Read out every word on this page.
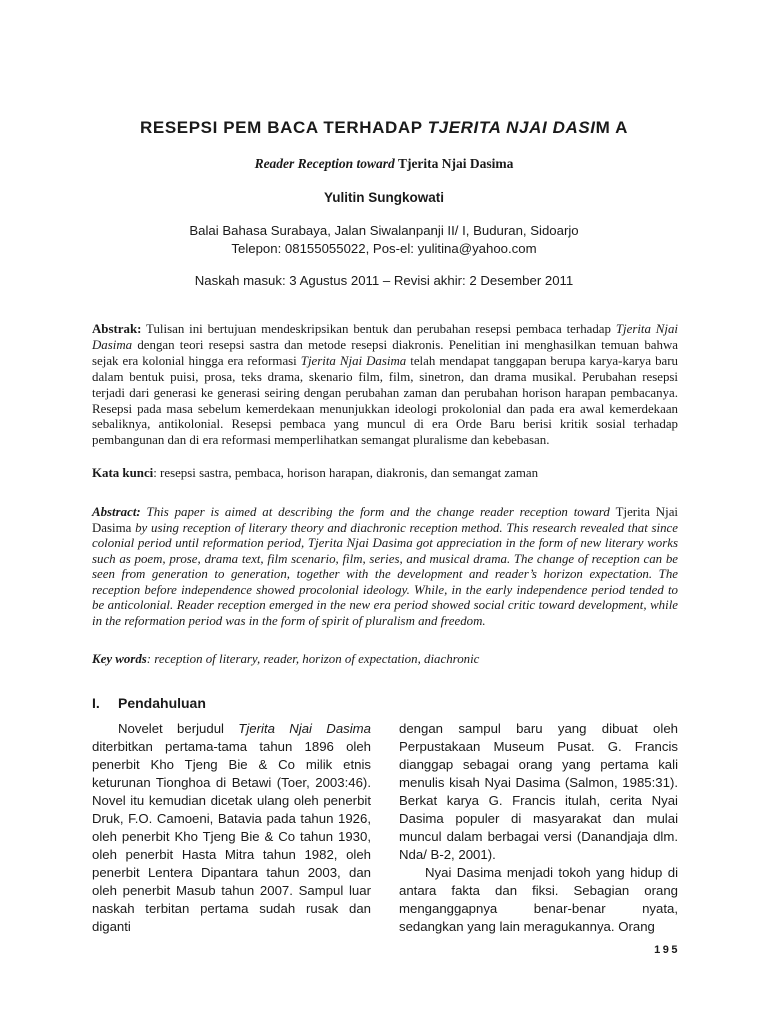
RESEPSI PEM BACA TERHADAP TJERITA NJAI DASIM A
Reader Reception toward Tjerita Njai Dasima
Yulitin Sungkowati
Balai Bahasa Surabaya, Jalan Siwalanpanji II/ I, Buduran, Sidoarjo
Telepon: 08155055022, Pos-el: yulitina@yahoo.com
Naskah masuk: 3 Agustus 2011 – Revisi akhir: 2 Desember 2011
Abstrak: Tulisan ini bertujuan mendeskripsikan bentuk dan perubahan resepsi pembaca terhadap Tjerita Njai Dasima dengan teori resepsi sastra dan metode resepsi diakronis. Penelitian ini menghasilkan temuan bahwa sejak era kolonial hingga era reformasi Tjerita Njai Dasima telah mendapat tanggapan berupa karya-karya baru dalam bentuk puisi, prosa, teks drama, skenario film, film, sinetron, dan drama musikal. Perubahan resepsi terjadi dari generasi ke generasi seiring dengan perubahan zaman dan perubahan horison harapan pembacanya. Resepsi pada masa sebelum kemerdekaan menunjukkan ideologi prokolonial dan pada era awal kemerdekaan sebaliknya, antikolonial. Resepsi pembaca yang muncul di era Orde Baru berisi kritik sosial terhadap pembangunan dan di era reformasi memperlihatkan semangat pluralisme dan kebebasan.
Kata kunci: resepsi sastra, pembaca, horison harapan, diakronis, dan semangat zaman
Abstract: This paper is aimed at describing the form and the change reader reception toward Tjerita Njai Dasima by using reception of literary theory and diachronic reception method. This research revealed that since colonial period until reformation period, Tjerita Njai Dasima got appreciation in the form of new literary works such as poem, prose, drama text, film scenario, film, series, and musical drama. The change of reception can be seen from generation to generation, together with the development and reader’s horizon expectation. The reception before independence showed procolonial ideology. While, in the early independence period tended to be anticolonial. Reader reception emerged in the new era period showed social critic toward development, while in the reformation period was in the form of spirit of pluralism and freedom.
Key words: reception of literary, reader, horizon of expectation, diachronic
I. Pendahuluan

Novelet berjudul Tjerita Njai Dasima diterbitkan pertama-tama tahun 1896 oleh penerbit Kho Tjeng Bie & Co milik etnis keturunan Tionghoa di Betawi (Toer, 2003:46). Novel itu kemudian dicetak ulang oleh penerbit Druk, F.O. Camoeni, Batavia pada tahun 1926, oleh penerbit Kho Tjeng Bie & Co tahun 1930, oleh penerbit Hasta Mitra tahun 1982, oleh penerbit Lentera Dipantara tahun 2003, dan oleh penerbit Masub tahun 2007. Sampul luar naskah terbitan pertama sudah rusak dan diganti

dengan sampul baru yang dibuat oleh Perpustakaan Museum Pusat. G. Francis dianggap sebagai orang yang pertama kali menulis kisah Nyai Dasima (Salmon, 1985:31). Berkat karya G. Francis itulah, cerita Nyai Dasima populer di masyarakat dan mulai muncul dalam berbagai versi (Danandjaja dlm. Nda/ B-2, 2001).

Nyai Dasima menjadi tokoh yang hidup di antara fakta dan fiksi. Sebagian orang menganggapnya benar-benar nyata, sedangkan yang lain meragukannya. Orang

195
